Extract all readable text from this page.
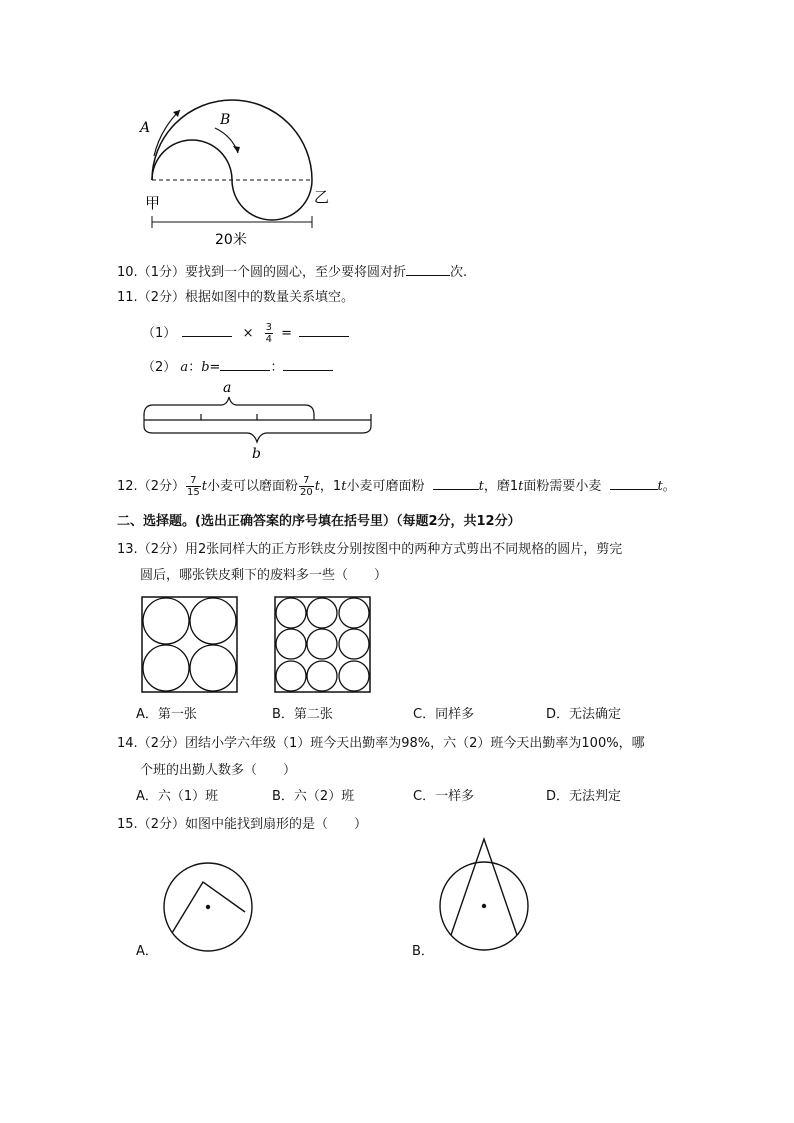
A	B
甲	乙
20米
10.（1分）要找到一个圆的圆心，至少要将圆对折	次.
11.（2分）根据如图中的数量关系填空。
（1）	× $\frac{3}{4}$ =
（2） a：b=	：
a
b
12.（2分） $\frac{7}{15}$ t小麦可以磨面粉 $\frac{7}{20}$ t，1t小麦可磨面粉	t，磨1t面粉需要小麦	t。
二、选择题。(选出正确答案的序号填在括号里）（每题2分，共12分）
13.（2分）用2张同样大的正方形铁皮分别按图中的两种方式剪出不同规格的圆片，剪完
圆后，哪张铁皮剩下的废料多一些（　　）
A．第一张	B．第二张	C．同样多	D．无法确定
14.（2分）团结小学六年级（1）班今天出勤率为98%，六（2）班今天出勤率为100%，哪
个班的出勤人数多（　　）
A．六（1）班	B．六（2）班	C．一样多	D．无法判定
15.（2分）如图中能找到扇形的是（　　）
A．	B．
